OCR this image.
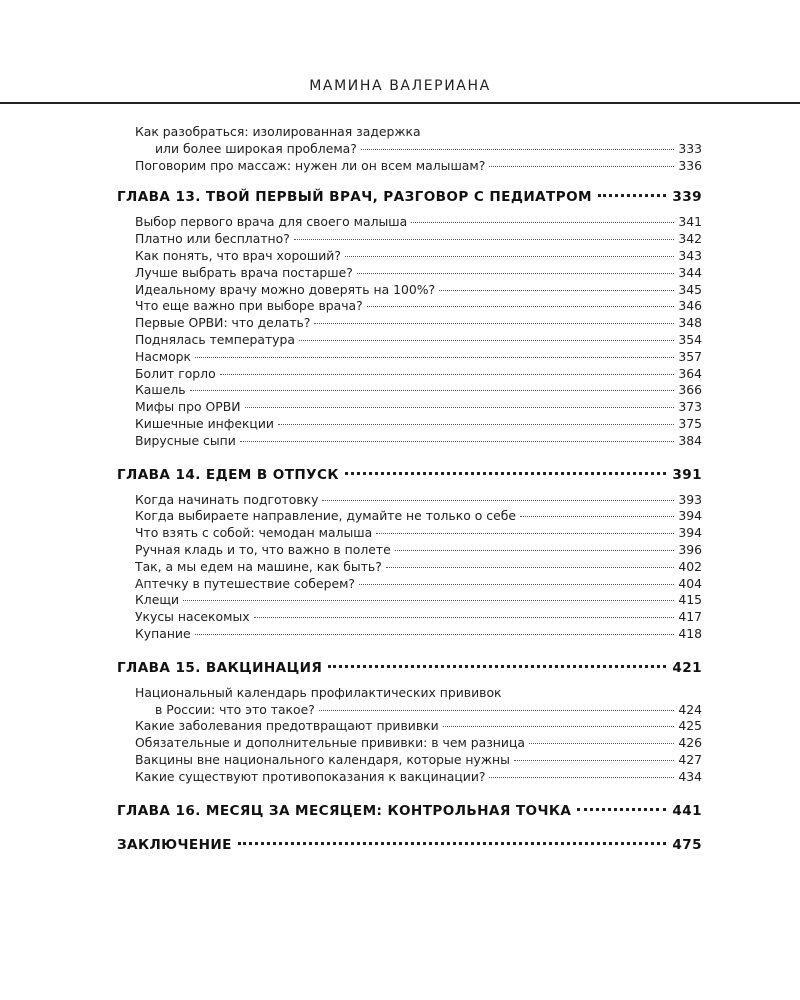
МАМИНА ВАЛЕРИАНА
Как разобраться: изолированная задержка
или более широкая проблема?	333
Поговорим про массаж: нужен ли он всем малышам?	336
ГЛАВА 13. ТВОЙ ПЕРВЫЙ ВРАЧ, РАЗГОВОР С ПЕДИАТРОМ	339
Выбор первого врача для своего малыша	341
Платно или бесплатно?	342
Как понять, что врач хороший?	343
Лучше выбрать врача постарше?	344
Идеальному врачу можно доверять на 100%?	345
Что еще важно при выборе врача?	346
Первые ОРВИ: что делать?	348
Поднялась температура	354
Насморк	357
Болит горло	364
Кашель	366
Мифы про ОРВИ	373
Кишечные инфекции	375
Вирусные сыпи	384
ГЛАВА 14. ЕДЕМ В ОТПУСК	391
Когда начинать подготовку	393
Когда выбираете направление, думайте не только о себе	394
Что взять с собой: чемодан малыша	394
Ручная кладь и то, что важно в полете	396
Так, а мы едем на машине, как быть?	402
Аптечку в путешествие соберем?	404
Клещи	415
Укусы насекомых	417
Купание	418
ГЛАВА 15. ВАКЦИНАЦИЯ	421
Национальный календарь профилактических прививок
в России: что это такое?	424
Какие заболевания предотвращают прививки	425
Обязательные и дополнительные прививки: в чем разница	426
Вакцины вне национального календаря, которые нужны	427
Какие существуют противопоказания к вакцинации?	434
ГЛАВА 16. МЕСЯЦ ЗА МЕСЯЦЕМ: КОНТРОЛЬНАЯ ТОЧКА	441
ЗАКЛЮЧЕНИЕ	475
